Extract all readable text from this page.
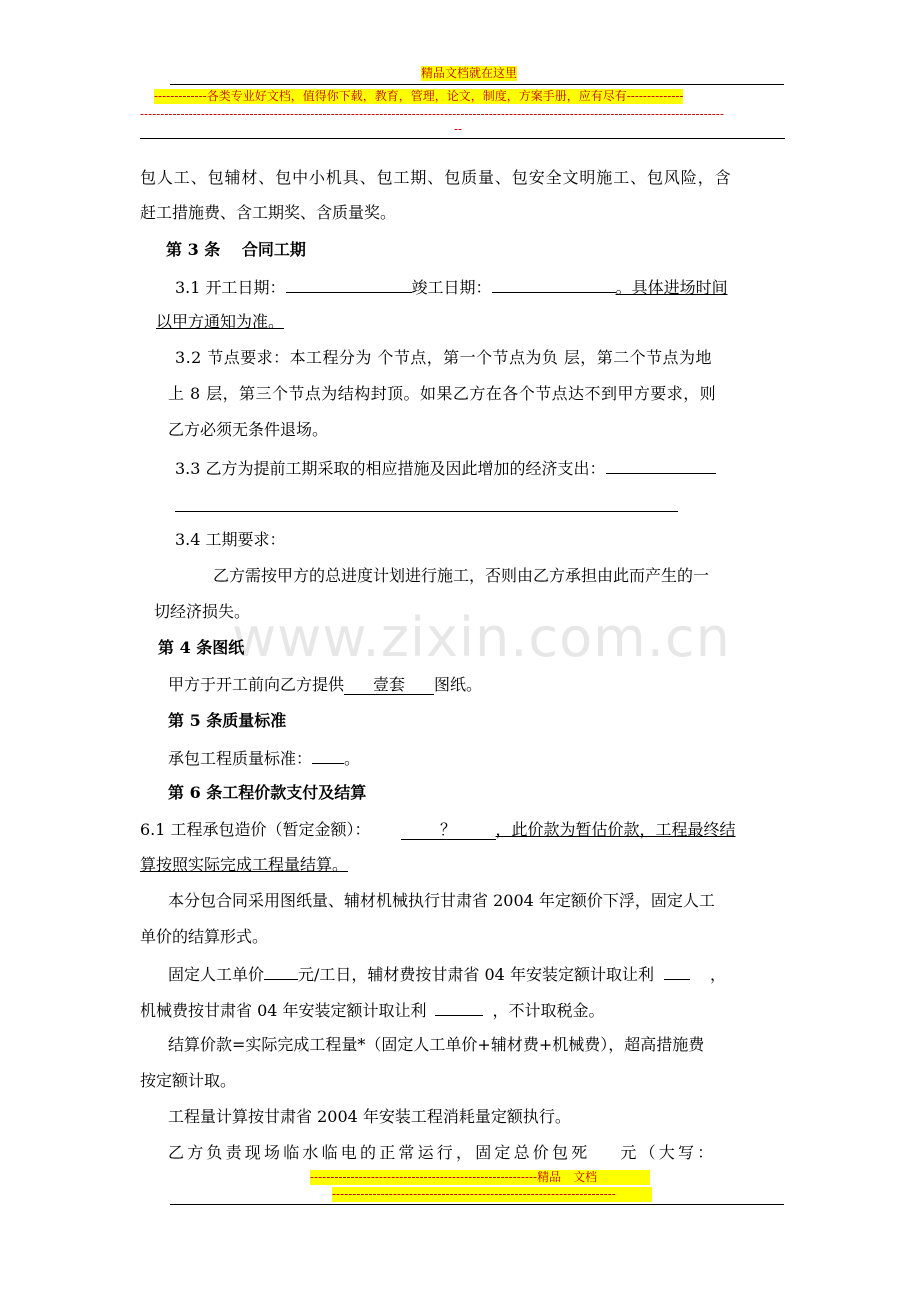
精品文档就在这里
-------------各类专业好文档，值得你下载，教育，管理，论文，制度，方案手册，应有尽有--------------
------------------------------------------------------------------------------------------------------------------------------------------------
--
www.zixin.com.cn
包人工、包辅材、包中小机具、包工期、包质量、包安全文明施工、包风险，含
赶工措施费、含工期奖、含质量奖。
第 3 条　 合同工期
3.1 开工日期：	竣工日期：	。具体进场时间
以甲方通知为准。
3.2 节点要求：本工程分为 个节点，第一个节点为负 层，第二个节点为地
上 8 层，第三个节点为结构封顶。如果乙方在各个节点达不到甲方要求，则
乙方必须无条件退场。
3.3 乙方为提前工期采取的相应措施及因此增加的经济支出：
3.4 工期要求：
乙方需按甲方的总进度计划进行施工，否则由乙方承担由此而产生的一
切经济损失。
第 4 条图纸
甲方于开工前向乙方提供 壹套 图纸。
第 5 条质量标准
承包工程质量标准： 。
第 6 条工程价款支付及结算
6.1 工程承包造价（暂定金额）：	？ ，此价款为暂估价款，工程最终结
算按照实际完成工程量结算。
本分包合同采用图纸量、辅材机械执行甘肃省 2004 年定额价下浮，固定人工
单价的结算形式。
固定人工单价 元/工日，辅材费按甘肃省 04 年安装定额计取让利	，
机械费按甘肃省 04 年安装定额计取让利	，不计取税金。
结算价款=实际完成工程量*（固定人工单价+辅材费+机械费），超高措施费
按定额计取。
工程量计算按甘肃省 2004 年安装工程消耗量定额执行。
乙方负责现场临水临电的正常运行，固定总价包死 元（大写：
--------------------------------------------------------精品　文档
----------------------------------------------------------------------
